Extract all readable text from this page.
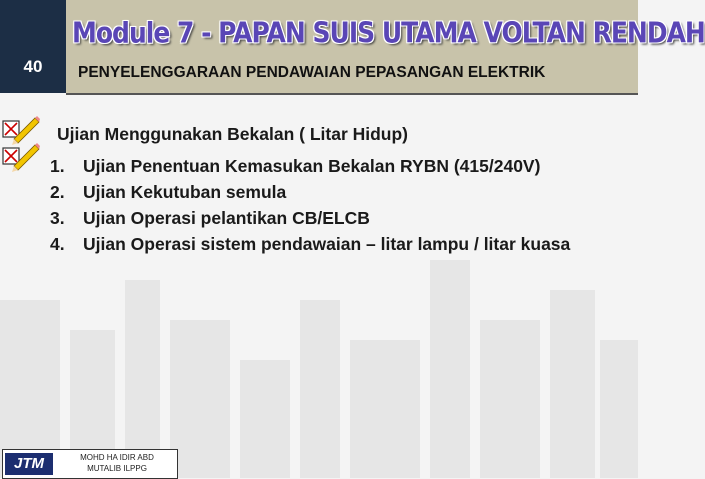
40
Module 7 - PAPAN SUIS UTAMA VOLTAN RENDAH
PENYELENGGARAAN PENDAWAIAN PEPASANGAN ELEKTRIK
Ujian Menggunakan Bekalan ( Litar Hidup)
1. Ujian Penentuan Kemasukan Bekalan RYBN (415/240V)
2. Ujian Kekutuban semula
3. Ujian Operasi pelantikan CB/ELCB
4. Ujian Operasi sistem pendawaian – litar lampu / litar kuasa
JTM	MOHD HA IDIR ABD
MUTALIB ILPPG
